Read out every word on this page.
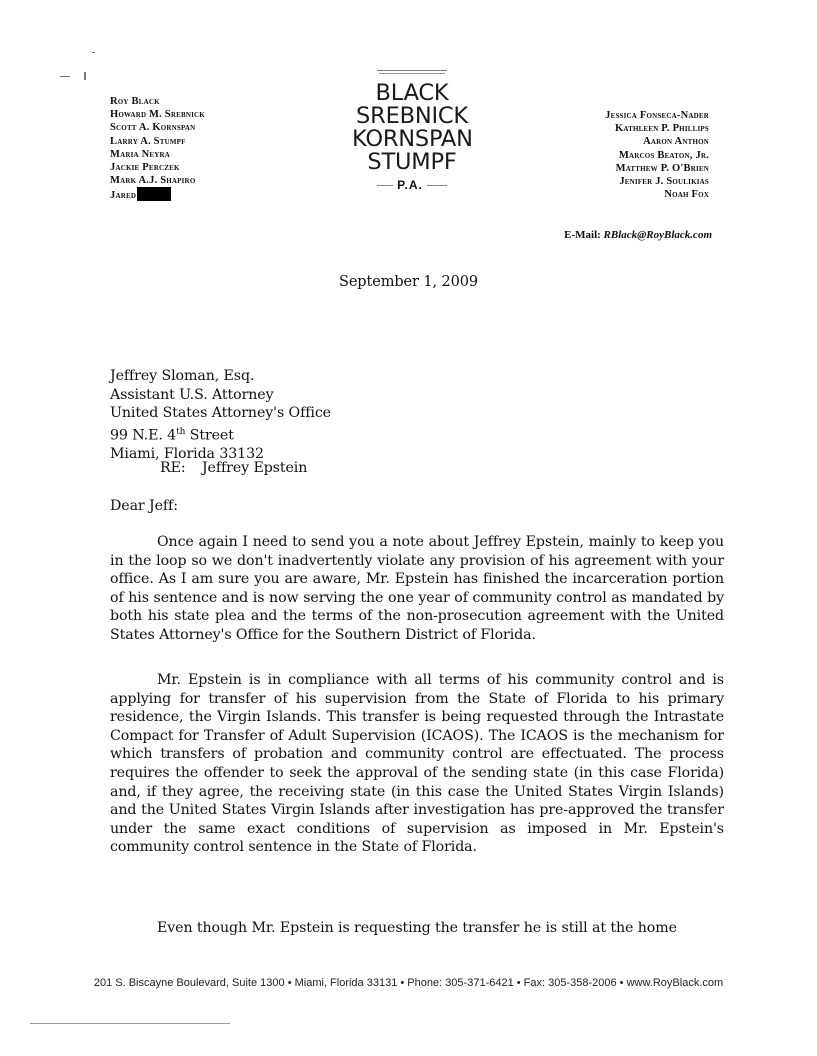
Roy Black
Howard M. Srebnick
Scott A. Kornspan
Larry A. Stumpf
Maria Neyra
Jackie Perczek
Mark A.J. Shapiro
Jared
BLACK
SREBNICK
KORNSPAN
STUMPF
P.A.
Jessica Fonseca-Nader
Kathleen P. Phillips
Aaron Anthon
Marcos Beaton, Jr.
Matthew P. O'Brien
Jenifer J. Soulikias
Noah Fox
E-Mail: RBlack@RoyBlack.com
September 1, 2009
Jeffrey Sloman, Esq.
Assistant U.S. Attorney
United States Attorney's Office
99 N.E. 4th Street
Miami, Florida 33132
RE: Jeffrey Epstein
Dear Jeff:

Once again I need to send you a note about Jeffrey Epstein, mainly to keep you in the loop so we don't inadvertently violate any provision of his agreement with your office. As I am sure you are aware, Mr. Epstein has finished the incarceration portion of his sentence and is now serving the one year of community control as mandated by both his state plea and the terms of the non-prosecution agreement with the United States Attorney's Office for the Southern District of Florida.

Mr. Epstein is in compliance with all terms of his community control and is applying for transfer of his supervision from the State of Florida to his primary residence, the Virgin Islands. This transfer is being requested through the Intrastate Compact for Transfer of Adult Supervision (ICAOS). The ICAOS is the mechanism for which transfers of probation and community control are effectuated. The process requires the offender to seek the approval of the sending state (in this case Florida) and, if they agree, the receiving state (in this case the United States Virgin Islands) and the United States Virgin Islands after investigation has pre-approved the transfer under the same exact conditions of supervision as imposed in Mr. Epstein's community control sentence in the State of Florida.

Even though Mr. Epstein is requesting the transfer he is still at the home

201 S. Biscayne Boulevard, Suite 1300 • Miami, Florida 33131 • Phone: 305-371-6421 • Fax: 305-358-2006 • www.RoyBlack.com
